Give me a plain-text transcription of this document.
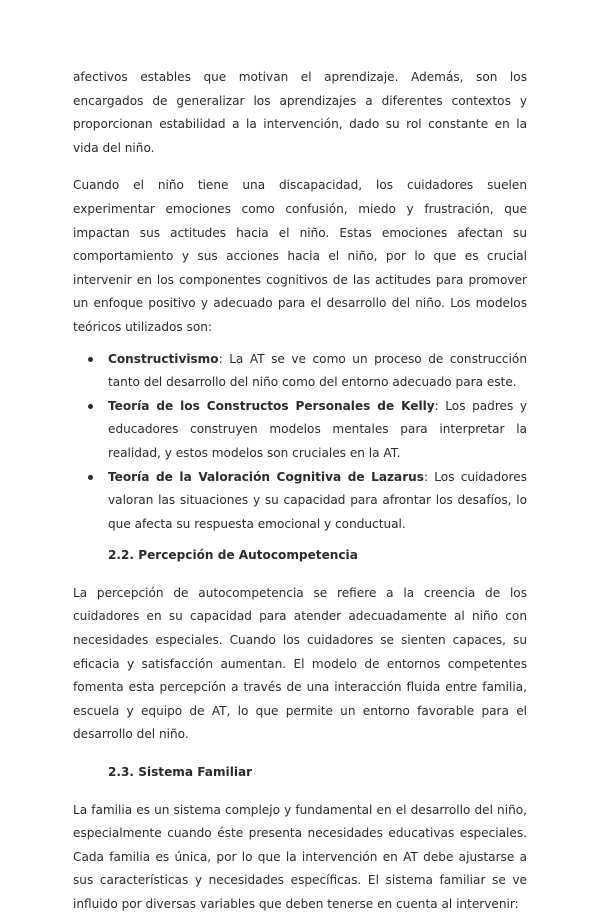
afectivos estables que motivan el aprendizaje. Además, son los encargados de generalizar los aprendizajes a diferentes contextos y proporcionan estabilidad a la intervención, dado su rol constante en la vida del niño.

Cuando el niño tiene una discapacidad, los cuidadores suelen experimentar emociones como confusión, miedo y frustración, que impactan sus actitudes hacia el niño. Estas emociones afectan su comportamiento y sus acciones hacia el niño, por lo que es crucial intervenir en los componentes cognitivos de las actitudes para promover un enfoque positivo y adecuado para el desarrollo del niño. Los modelos teóricos utilizados son:

Constructivismo: La AT se ve como un proceso de construcción tanto del desarrollo del niño como del entorno adecuado para este.
Teoría de los Constructos Personales de Kelly: Los padres y educadores construyen modelos mentales para interpretar la realidad, y estos modelos son cruciales en la AT.
Teoría de la Valoración Cognitiva de Lazarus: Los cuidadores valoran las situaciones y su capacidad para afrontar los desafíos, lo que afecta su respuesta emocional y conductual.
2.2. Percepción de Autocompetencia

La percepción de autocompetencia se refiere a la creencia de los cuidadores en su capacidad para atender adecuadamente al niño con necesidades especiales. Cuando los cuidadores se sienten capaces, su eficacia y satisfacción aumentan. El modelo de entornos competentes fomenta esta percepción a través de una interacción fluida entre familia, escuela y equipo de AT, lo que permite un entorno favorable para el desarrollo del niño.

2.3. Sistema Familiar

La familia es un sistema complejo y fundamental en el desarrollo del niño, especialmente cuando éste presenta necesidades educativas especiales. Cada familia es única, por lo que la intervención en AT debe ajustarse a sus características y necesidades específicas. El sistema familiar se ve influido por diversas variables que deben tenerse en cuenta al intervenir:
